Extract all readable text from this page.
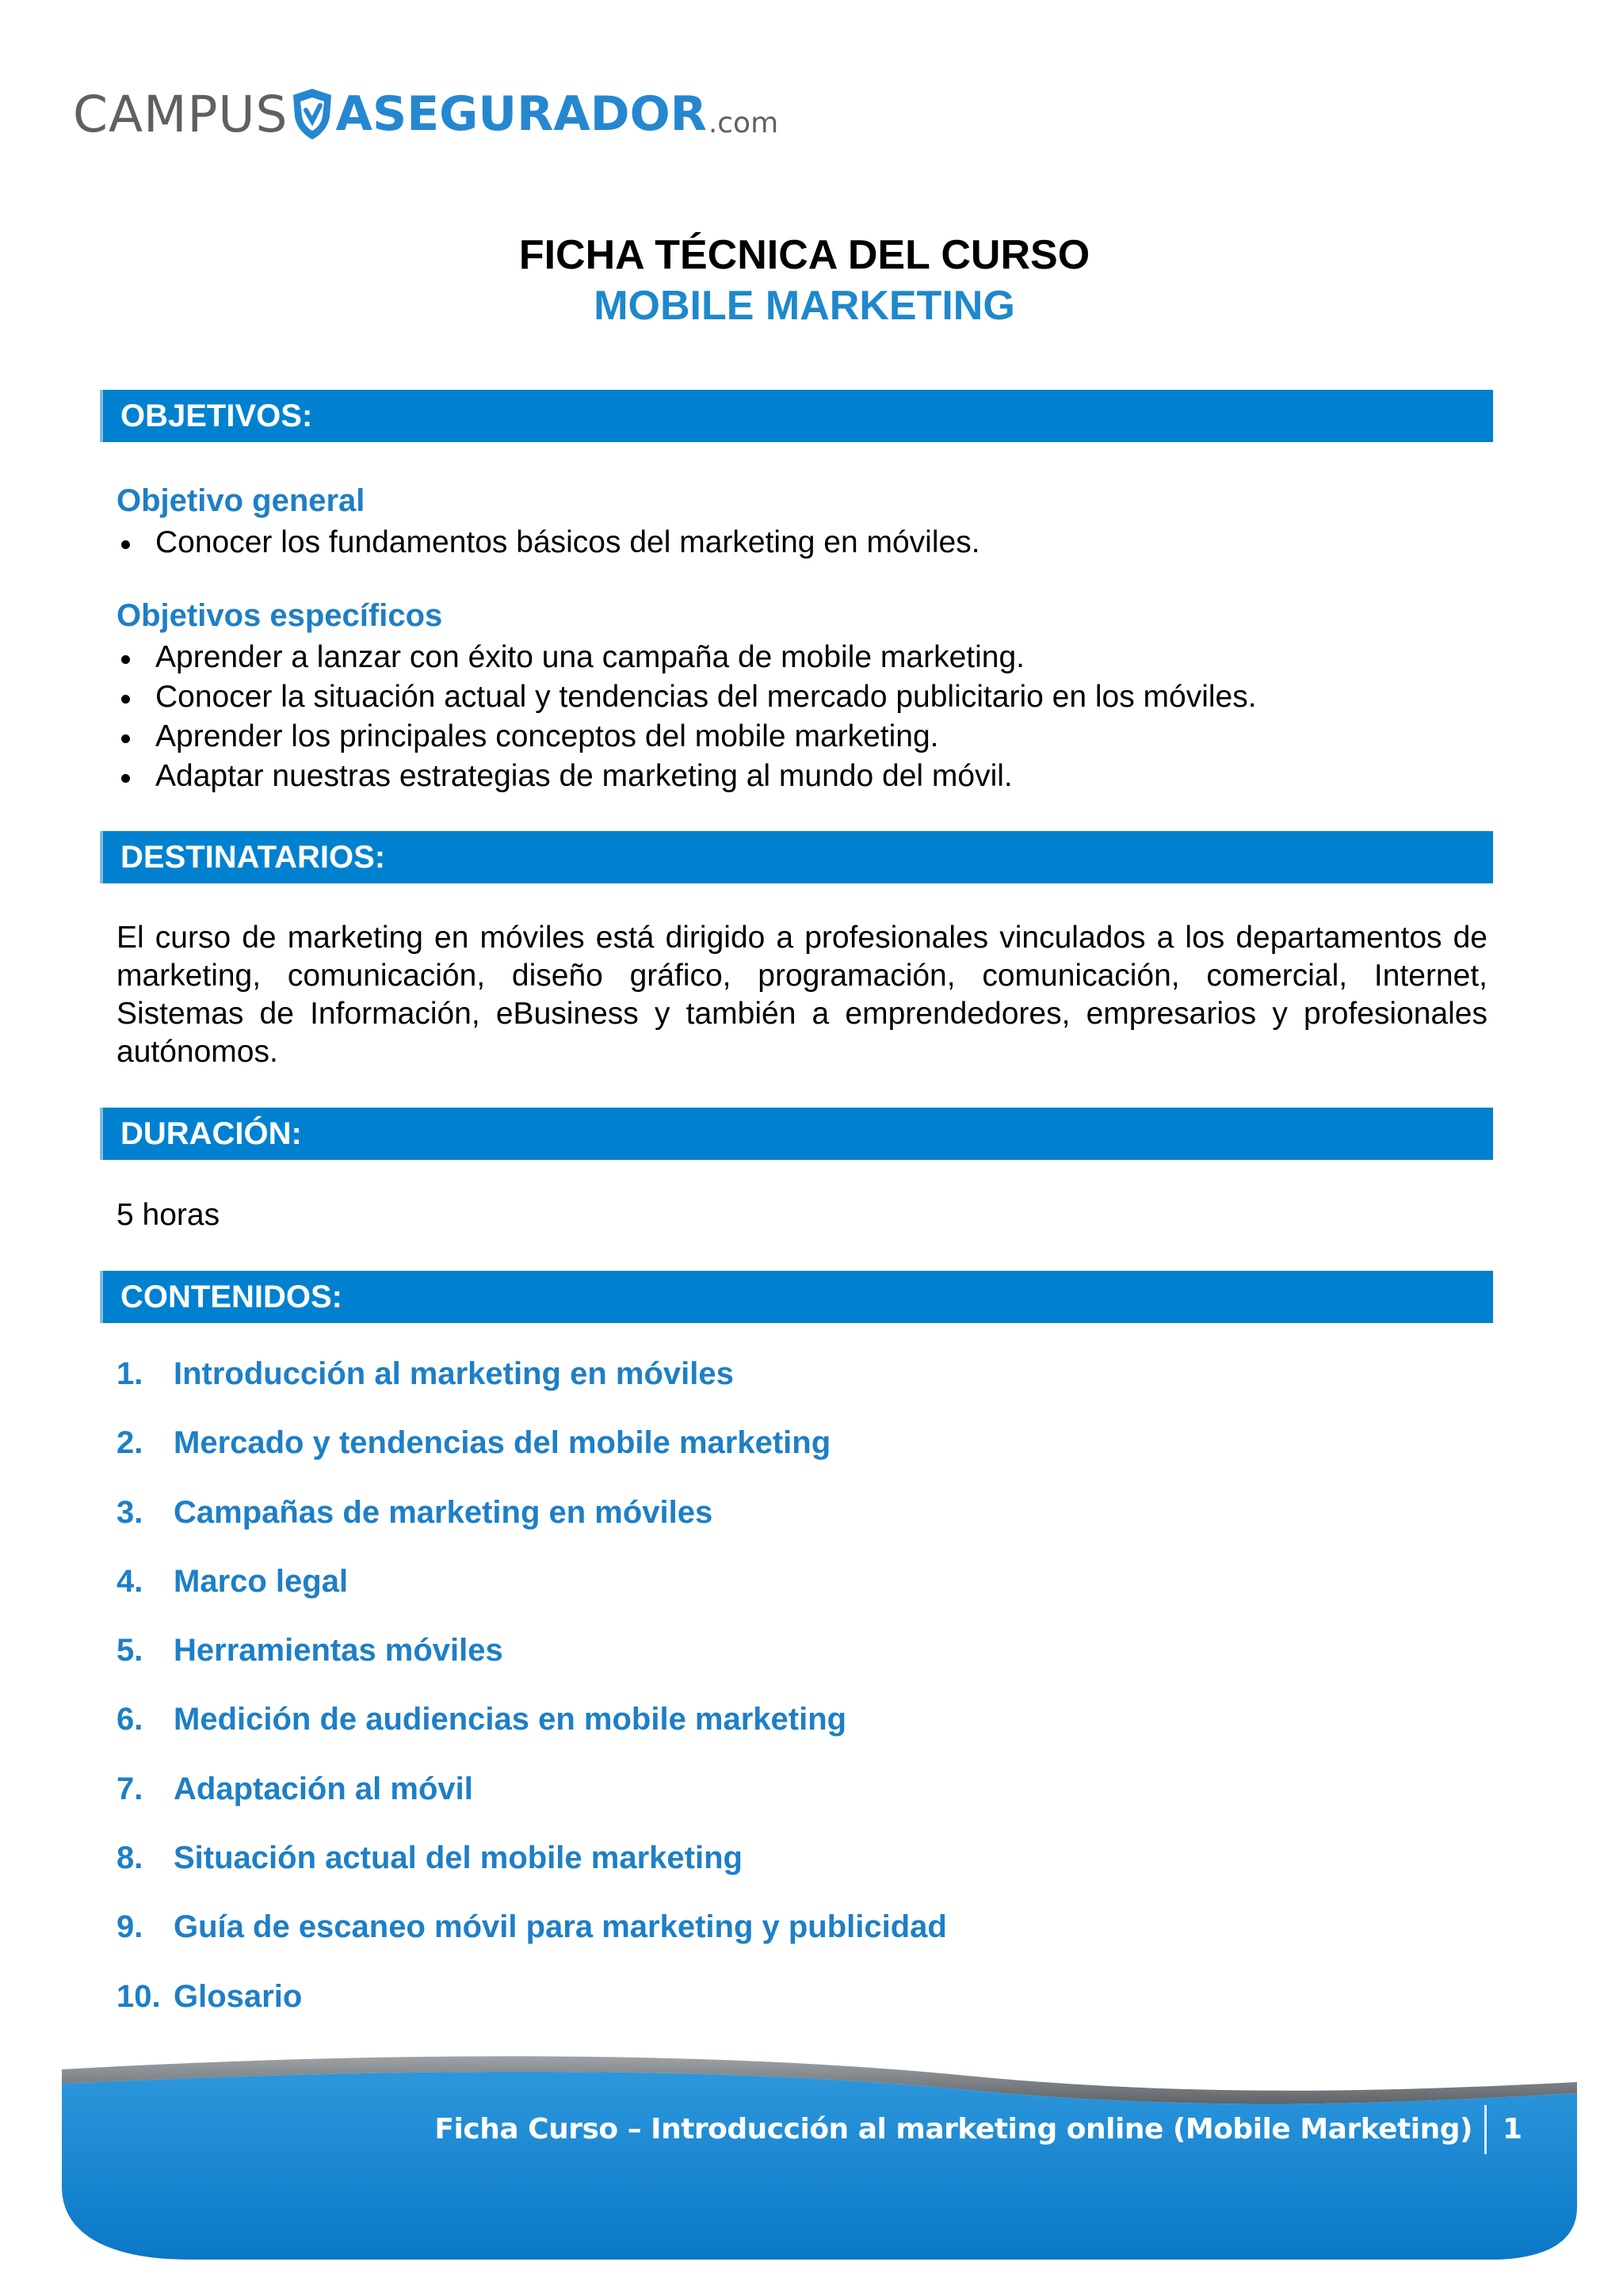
CAMPUS ASEGURADOR .com
FICHA TÉCNICA DEL CURSO
MOBILE MARKETING
OBJETIVOS:
Objetivo general
Conocer los fundamentos básicos del marketing en móviles.
Objetivos específicos
Aprender a lanzar con éxito una campaña de mobile marketing.
Conocer la situación actual y tendencias del mercado publicitario en los móviles.
Aprender los principales conceptos del mobile marketing.
Adaptar nuestras estrategias de marketing al mundo del móvil.
DESTINATARIOS:
El curso de marketing en móviles está dirigido a profesionales vinculados a los departamentos de marketing, comunicación, diseño gráfico, programación, comunicación, comercial, Internet, Sistemas de Información, eBusiness y también a emprendedores, empresarios y profesionales autónomos.
DURACIÓN:
5 horas
CONTENIDOS:
1. Introducción al marketing en móviles
2. Mercado y tendencias del mobile marketing
3. Campañas de marketing en móviles
4. Marco legal
5. Herramientas móviles
6. Medición de audiencias en mobile marketing
7. Adaptación al móvil
8. Situación actual del mobile marketing
9. Guía de escaneo móvil para marketing y publicidad
10. Glosario
Ficha Curso – Introducción al marketing online (Mobile Marketing) 1
